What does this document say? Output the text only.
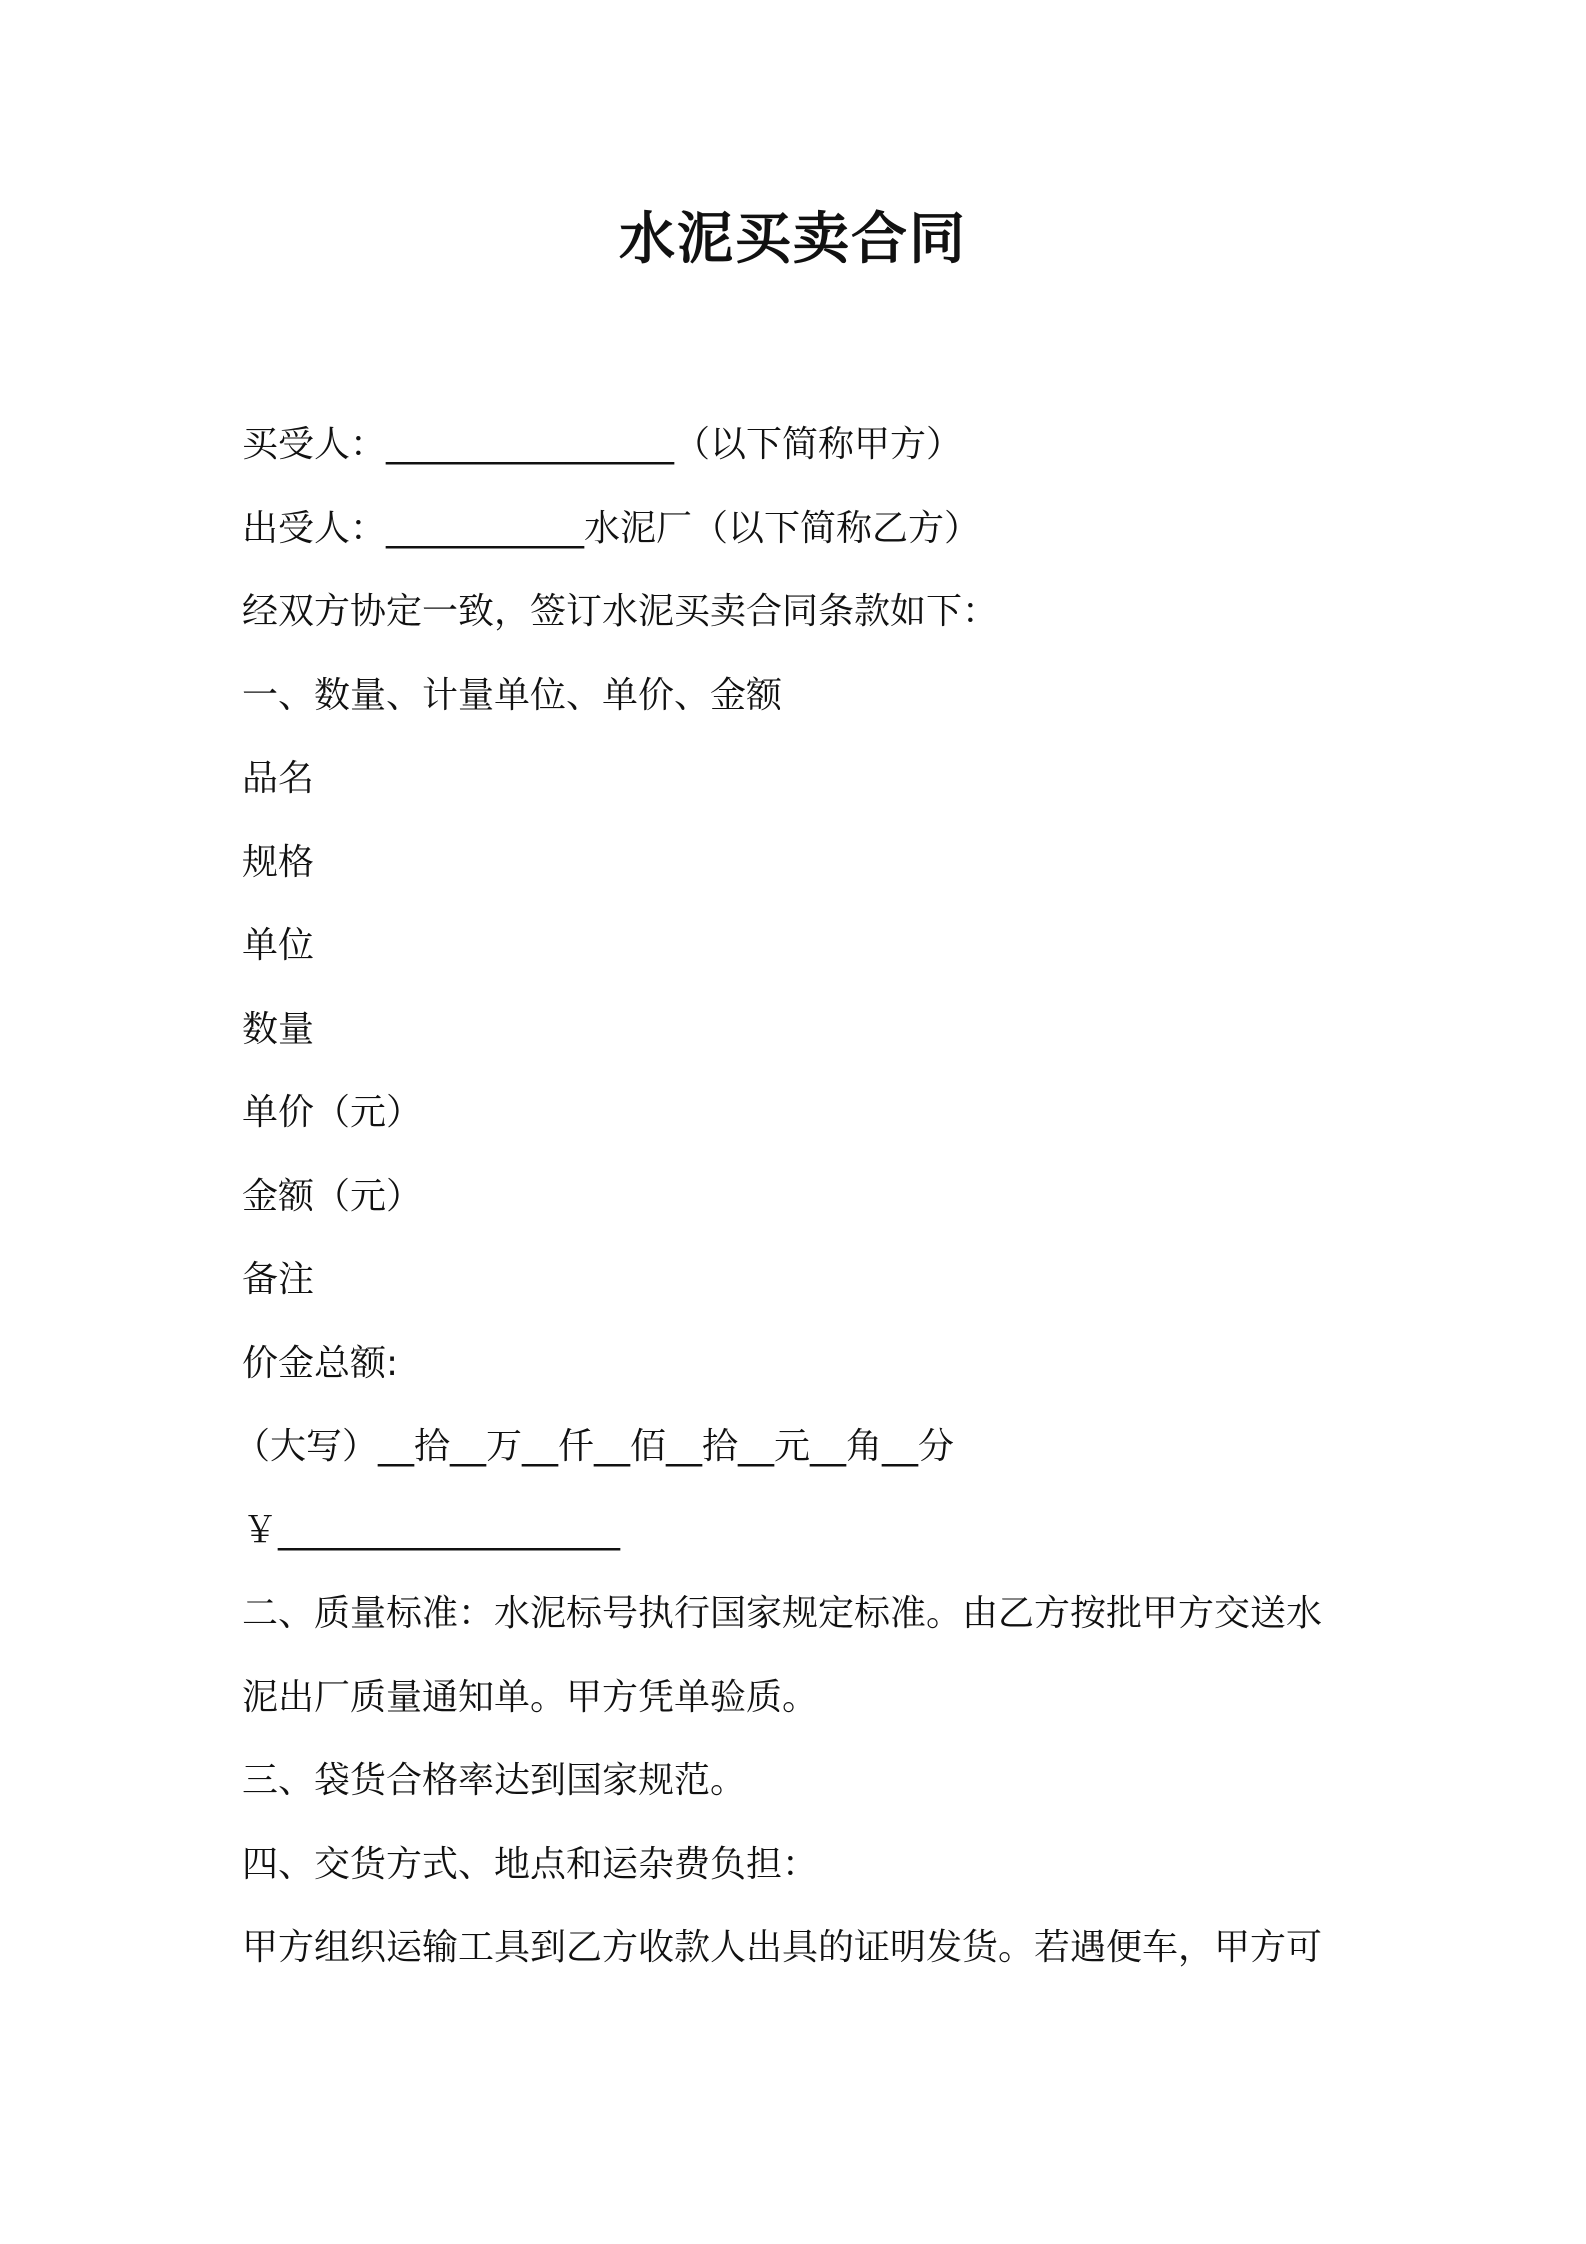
水泥买卖合同
买受人：________________（以下简称甲方）
出受人：___________水泥厂（以下简称乙方）
经双方协定一致，签订水泥买卖合同条款如下：
一、数量、计量单位、单价、金额
品名
规格
单位
数量
单价（元）
金额（元）
备注
价金总额:
（大写）__拾__万__仟__佰__拾__元__角__分
￥___________________
二、质量标准：水泥标号执行国家规定标准。由乙方按批甲方交送水
泥出厂质量通知单。甲方凭单验质。
三、袋货合格率达到国家规范。
四、交货方式、地点和运杂费负担：
甲方组织运输工具到乙方收款人出具的证明发货。若遇便车，甲方可
